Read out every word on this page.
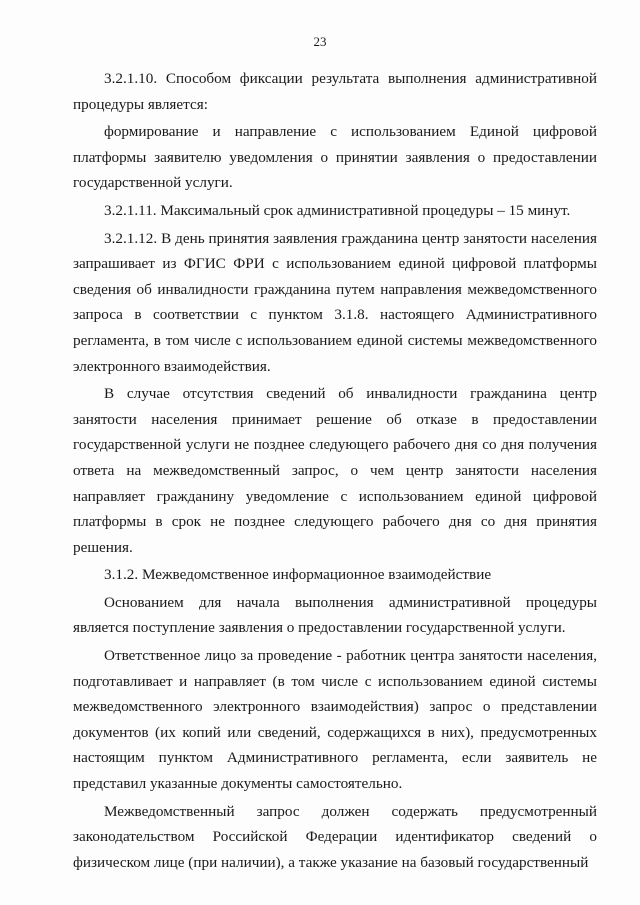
23

3.2.1.10. Способом фиксации результата выполнения административной процедуры является:

формирование и направление с использованием Единой цифровой платформы заявителю уведомления о принятии заявления о предоставлении государственной услуги.

3.2.1.11. Максимальный срок административной процедуры – 15 минут.

3.2.1.12. В день принятия заявления гражданина центр занятости населения запрашивает из ФГИС ФРИ с использованием единой цифровой платформы сведения об инвалидности гражданина путем направления межведомственного запроса в соответствии с пунктом 3.1.8. настоящего Административного регламента, в том числе с использованием единой системы межведомственного электронного взаимодействия.

В случае отсутствия сведений об инвалидности гражданина центр занятости населения принимает решение об отказе в предоставлении государственной услуги не позднее следующего рабочего дня со дня получения ответа на межведомственный запрос, о чем центр занятости населения направляет гражданину уведомление с использованием единой цифровой платформы в срок не позднее следующего рабочего дня со дня принятия решения.

3.1.2. Межведомственное информационное взаимодействие

Основанием для начала выполнения административной процедуры является поступление заявления о предоставлении государственной услуги.

Ответственное лицо за проведение - работник центра занятости населения, подготавливает и направляет (в том числе с использованием единой системы межведомственного электронного взаимодействия) запрос о представлении документов (их копий или сведений, содержащихся в них), предусмотренных настоящим пунктом Административного регламента, если заявитель не представил указанные документы самостоятельно.

Межведомственный запрос должен содержать предусмотренный законодательством Российской Федерации идентификатор сведений о физическом лице (при наличии), а также указание на базовый государственный
